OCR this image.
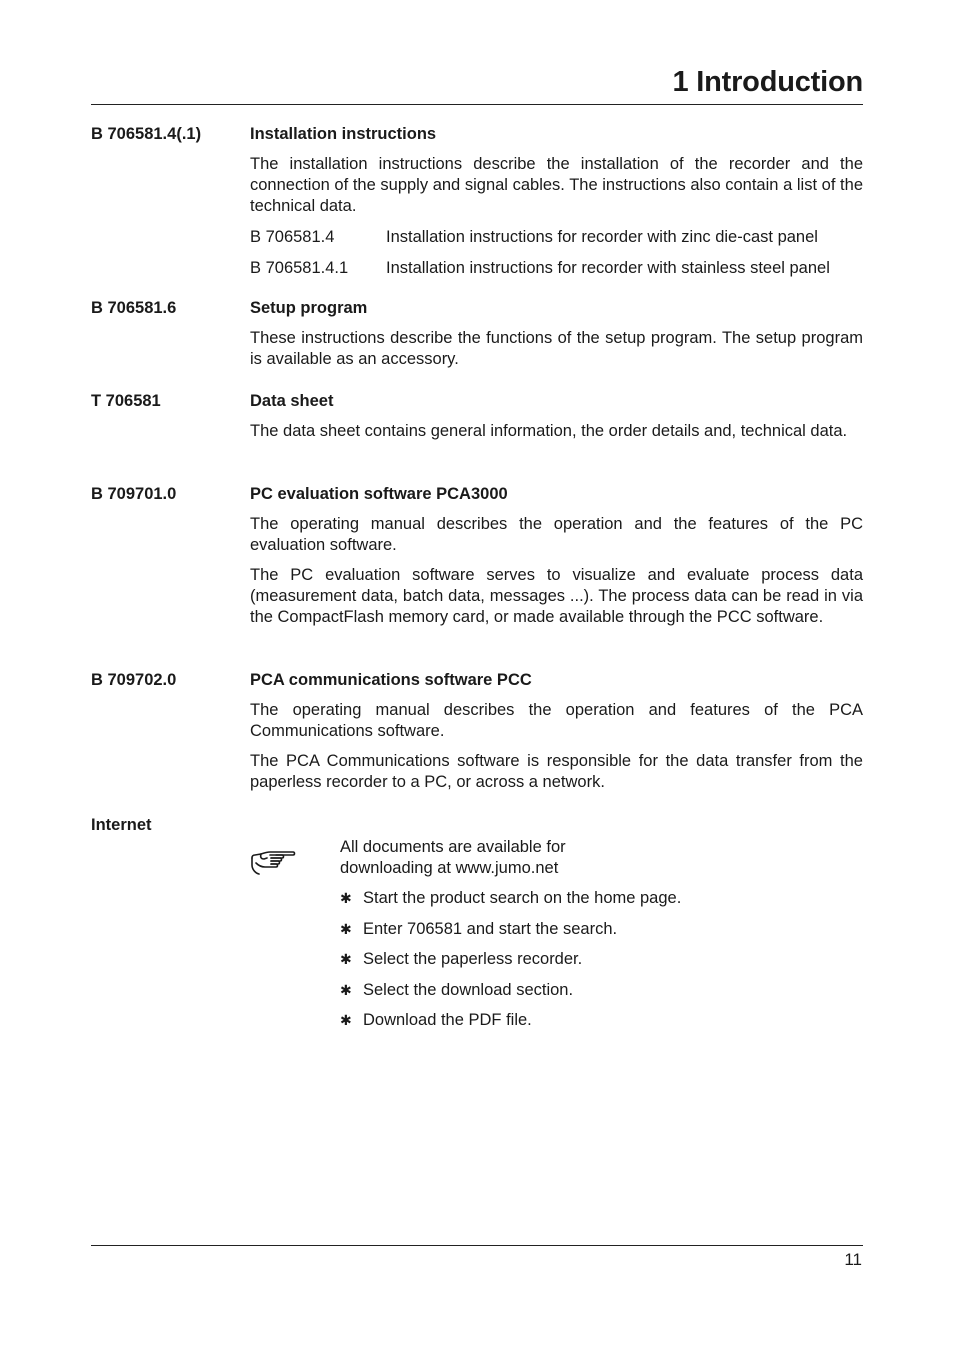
1 Introduction
B 706581.4(.1)	Installation instructions
The installation instructions describe the installation of the recorder and the connection of the supply and signal cables. The instructions also contain a list of the technical data.
B 706581.4	Installation instructions for recorder with zinc die-cast panel
B 706581.4.1	Installation instructions for recorder with stainless steel panel
B 706581.6	Setup program
These instructions describe the functions of the setup program. The setup program is available as an accessory.
T 706581	Data sheet
The data sheet contains general information, the order details and, technical data.
B 709701.0	PC evaluation software PCA3000
The operating manual describes the operation and the features of the PC evaluation software.
The PC evaluation software serves to visualize and evaluate process data (measurement data, batch data, messages ...). The process data can be read in via the CompactFlash memory card, or made available through the PCC software.
B 709702.0	PCA communications software PCC
The operating manual describes the operation and features of the PCA Communications software.
The PCA Communications software is responsible for the data transfer from the paperless recorder to a PC, or across a network.
Internet
All documents are available for
downloading at www.jumo.net
✱ Start the product search on the home page.
✱ Enter 706581 and start the search.
✱ Select the paperless recorder.
✱ Select the download section.
✱ Download the PDF file.
11
